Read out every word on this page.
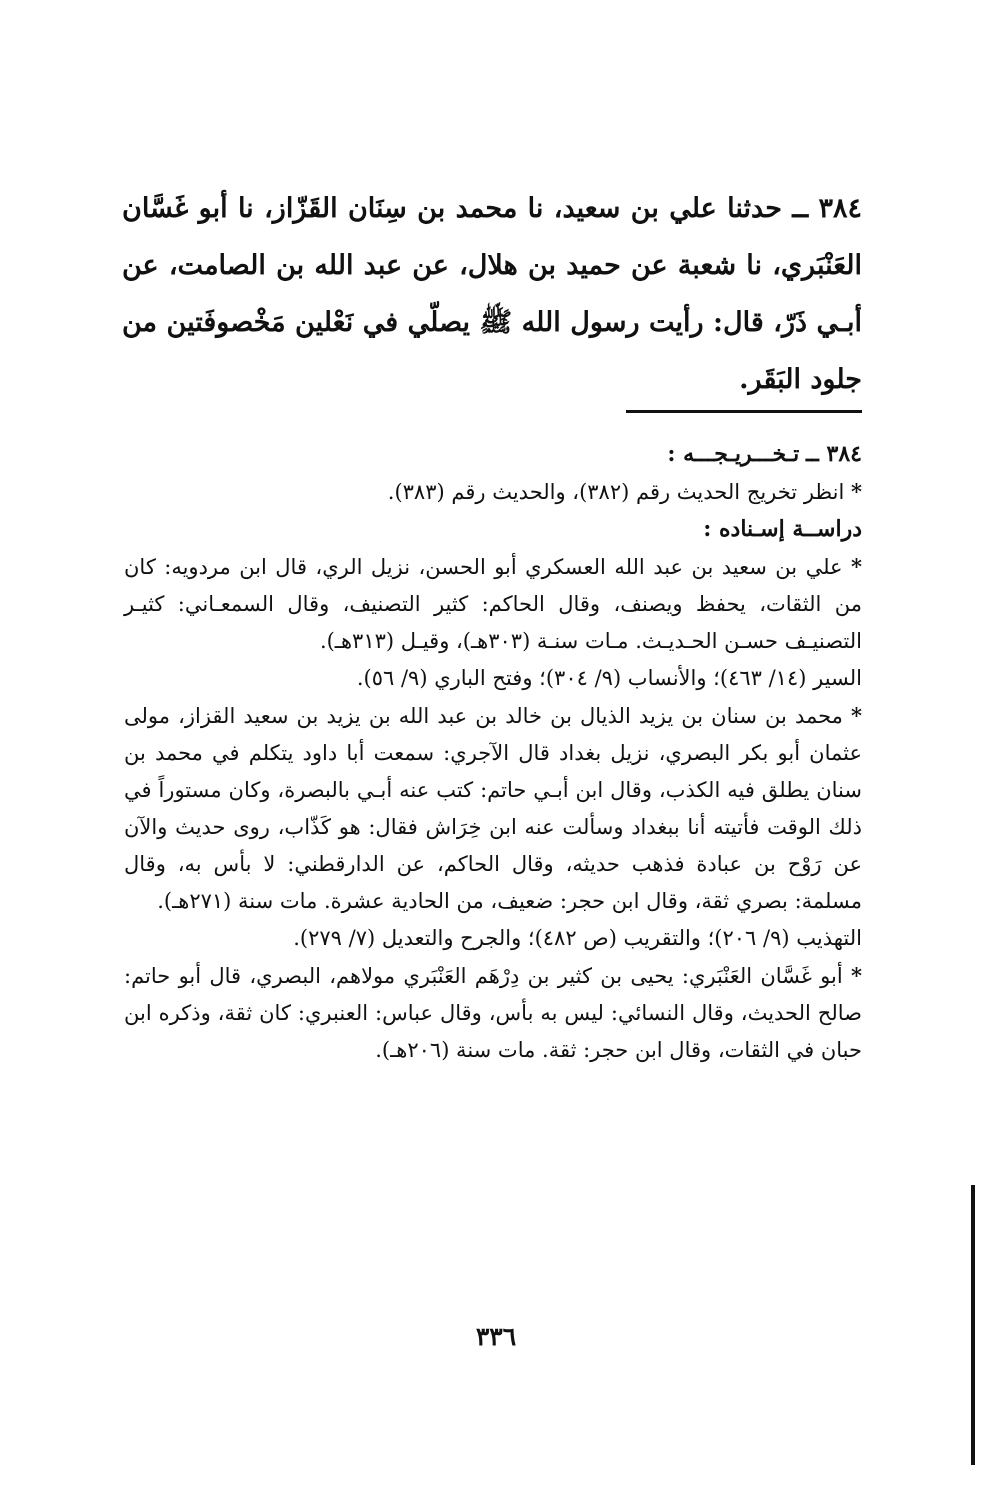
٣٨٤ ــ حدثنا علي بن سعيد، نا محمد بن سِنَان القَزّاز، نا أبو غَسَّان العَنْبَري، نا شعبة عن حميد بن هلال، عن عبد الله بن الصامت، عن أبـي ذَرّ، قال: رأيت رسول الله ﷺ يصلّي في نَعْلين مَخْصوفَتين من جلود البَقَر.

٣٨٤ ــ تـخـــريـجـــه :

* انظر تخريج الحديث رقم (٣٨٢)، والحديث رقم (٣٨٣).

دراســة إسـناده :

* علي بن سعيد بن عبد الله العسكري أبو الحسن، نزيل الري، قال ابن مردويه: كان من الثقات، يحفظ ويصنف، وقال الحاكم: كثير التصنيف، وقال السمعـاني: كثيـر التصنيـف حسـن الحـديـث. مـات سنـة (٣٠٣هـ)، وقيـل (٣١٣هـ).

السير (١٤/ ٤٦٣)؛ والأنساب (٩/ ٣٠٤)؛ وفتح الباري (٩/ ٥٦).

* محمد بن سنان بن يزيد الذيال بن خالد بن عبد الله بن يزيد بن سعيد القزاز، مولى عثمان أبو بكر البصري، نزيل بغداد قال الآجري: سمعت أبا داود يتكلم في محمد بن سنان يطلق فيه الكذب، وقال ابن أبـي حاتم: كتب عنه أبـي بالبصرة، وكان مستوراً في ذلك الوقت فأتيته أنا ببغداد وسألت عنه ابن خِرَاش فقال: هو كَذّاب، روى حديث والآن عن رَوْح بن عبادة فذهب حديثه، وقال الحاكم، عن الدارقطني: لا بأس به، وقال مسلمة: بصري ثقة، وقال ابن حجر: ضعيف، من الحادية عشرة. مات سنة (٢٧١هـ).

التهذيب (٩/ ٢٠٦)؛ والتقريب (ص ٤٨٢)؛ والجرح والتعديل (٧/ ٢٧٩).

* أبو غَسَّان العَنْبَري: يحيى بن كثير بن دِرْهَم العَنْبَري مولاهم، البصري، قال أبو حاتم: صالح الحديث، وقال النسائي: ليس به بأس، وقال عباس: العنبري: كان ثقة، وذكره ابن حبان في الثقات، وقال ابن حجر: ثقة. مات سنة (٢٠٦هـ).

٣٣٦
